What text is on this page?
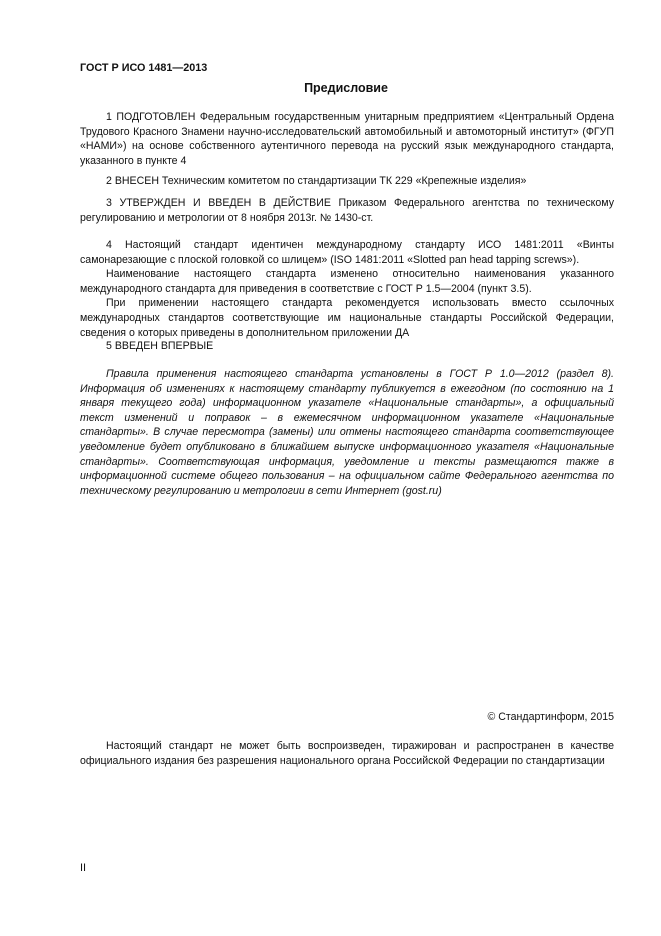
ГОСТ Р ИСО 1481—2013
Предисловие

1 ПОДГОТОВЛЕН Федеральным государственным унитарным предприятием «Центральный Ордена Трудового Красного Знамени научно-исследовательский автомобильный и автомоторный институт» (ФГУП «НАМИ») на основе собственного аутентичного перевода на русский язык международного стандарта, указанного в пункте 4

2 ВНЕСЕН Техническим комитетом по стандартизации ТК 229 «Крепежные изделия»

3 УТВЕРЖДЕН И ВВЕДЕН В ДЕЙСТВИЕ Приказом Федерального агентства по техническому регулированию и метрологии от 8 ноября 2013г. № 1430-ст.

4 Настоящий стандарт идентичен международному стандарту ИСО 1481:2011 «Винты самонарезающие с плоской головкой со шлицем» (ISO 1481:2011 «Slotted pan head tapping screws»).

Наименование настоящего стандарта изменено относительно наименования указанного международного стандарта для приведения в соответствие с ГОСТ Р 1.5—2004 (пункт 3.5).

При применении настоящего стандарта рекомендуется использовать вместо ссылочных международных стандартов соответствующие им национальные стандарты Российской Федерации, сведения о которых приведены в дополнительном приложении ДА

5 ВВЕДЕН ВПЕРВЫЕ

Правила применения настоящего стандарта установлены в ГОСТ Р 1.0—2012 (раздел 8). Информация об изменениях к настоящему стандарту публикуется в ежегодном (по состоянию на 1 января текущего года) информационном указателе «Национальные стандарты», а официальный текст изменений и поправок – в ежемесячном информационном указателе «Национальные стандарты». В случае пересмотра (замены) или отмены настоящего стандарта соответствующее уведомление будет опубликовано в ближайшем выпуске информационного указателя «Национальные стандарты». Соответствующая информация, уведомление и тексты размещаются также в информационной системе общего пользования – на официальном сайте Федерального агентства по техническому регулированию и метрологии в сети Интернет (gost.ru)

© Стандартинформ, 2015

Настоящий стандарт не может быть воспроизведен, тиражирован и распространен в качестве официального издания без разрешения национального органа Российской Федерации по стандартизации

II
